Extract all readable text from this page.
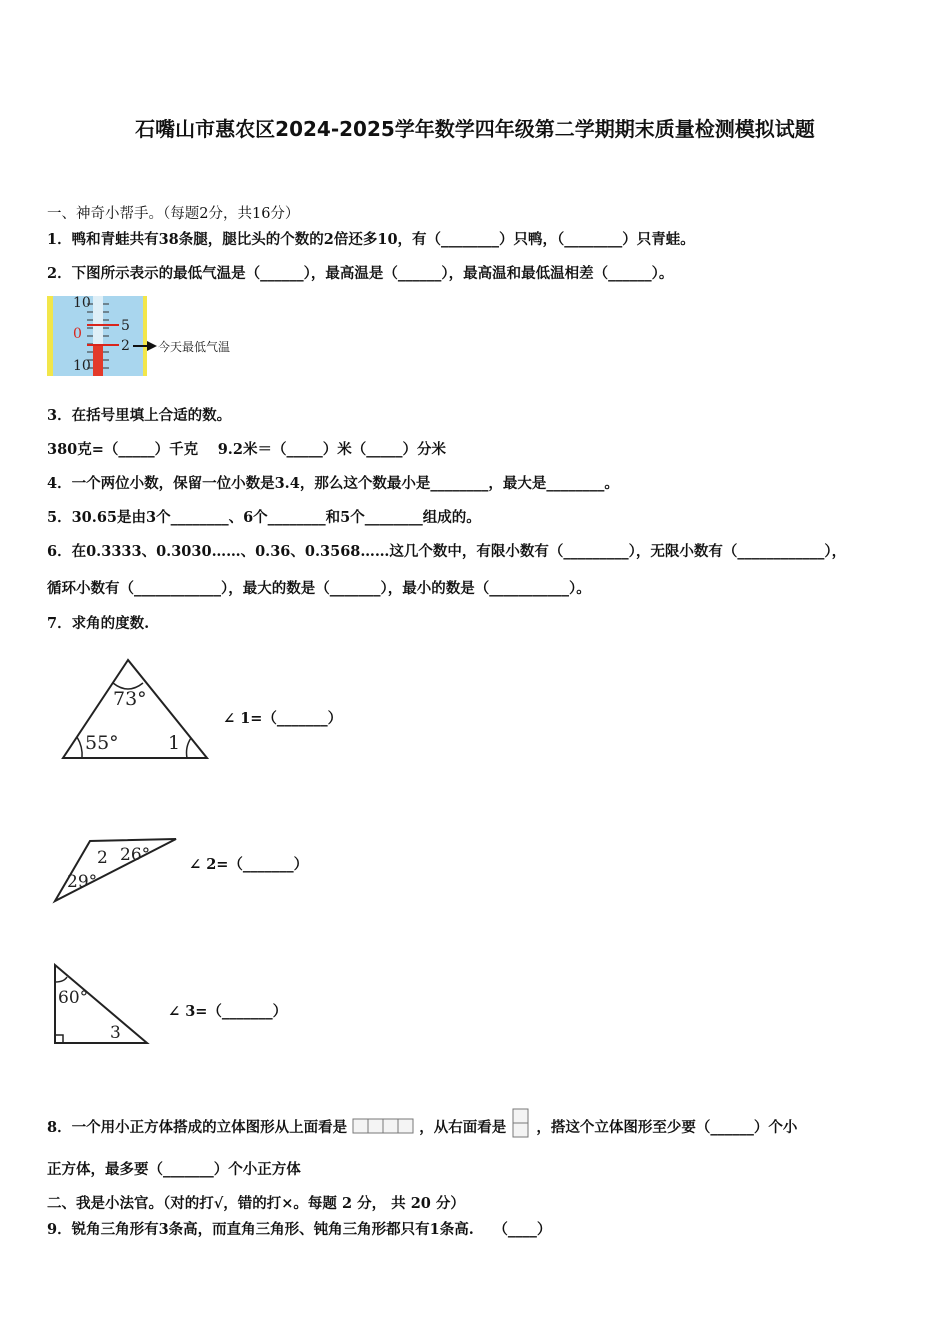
石嘴山市惠农区2024-2025学年数学四年级第二学期期末质量检测模拟试题
一、神奇小帮手。（每题2分，共16分）
1．鸭和青蛙共有38条腿，腿比头的个数的2倍还多10，有（________）只鸭，（________）只青蛙。
2．下图所示表示的最低气温是（______），最高温是（______），最高温和最低温相差（______）。
10
0
10
5
2 今天最低气温
3．在括号里填上合适的数。
380克=（_____）千克　 9.2米＝（_____）米（_____）分米
4．一个两位小数，保留一位小数是3.4，那么这个数最小是________，最大是________。
5．30.65是由3个________、6个________和5个________组成的。
6．在0.3333、0.3030……、0.36、0.3568……这几个数中，有限小数有（_________），无限小数有（____________），
循环小数有（____________），最大的数是（_______），最小的数是（___________）。
7．求角的度数.
73°
55°	1
∠ 1=（_______）
2 26°
29°
∠ 2=（_______）
60°
3
∠ 3=（_______）
8．一个用小正方体搭成的立体图形从上面看是	，从右面看是 ，搭这个立体图形至少要（______）个小
正方体，最多要（_______）个小正方体
二、我是小法官。（对的打√，错的打×。每题 2 分， 共 20 分）
9．锐角三角形有3条高，而直角三角形、钝角三角形都只有1条高.　 （____）
